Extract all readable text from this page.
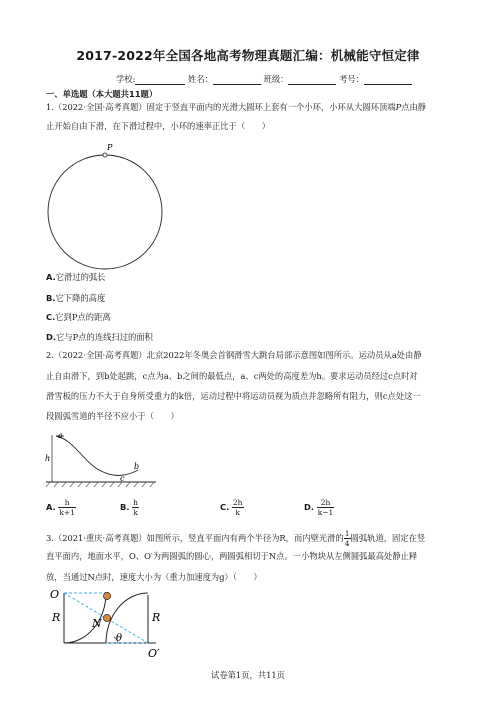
2017-2022年全国各地高考物理真题汇编：机械能守恒定律
学校:	姓名：	班级：	考号：
一、单选题（本大题共11题）
1.（2022·全国·高考真题）固定于竖直平面内的光滑大圆环上套有一个小环，小环从大圆环顶端P点由静
止开始自由下滑，在下滑过程中，小环的速率正比于（　　）
P
A.它滑过的弧长
B.它下降的高度
C.它到P点的距离
D.它与P点的连线扫过的面积
2.（2022·全国·高考真题）北京2022年冬奥会首钢滑雪大跳台局部示意图如图所示。运动员从a处由静
止自由滑下，到b处起跳，c点为a、b之间的最低点，a、c两处的高度差为h。要求运动员经过c点时对
滑雪板的压力不大于自身所受重力的k倍，运动过程中将运动员视为质点并忽略所有阻力，则c点处这一
段圆弧雪道的半径不应小于（　　）
a
h
b
c
A. $\frac{h}{k+1}$	B. $\frac{h}{k}$	C. $\frac{2h}{k}$	D. $\frac{2h}{k-1}$
3.（2021·重庆·高考真题）如图所示，竖直平面内有两个半径为R，而内壁光滑的 $\frac{1}{4}$ 圆弧轨道，固定在竖
直平面内，地面水平，O、O′为两圆弧的圆心，两圆弧相切于N点。一小物块从左侧圆弧最高处静止释
放，当通过N点时，速度大小为（重力加速度为g）（　　）
O
R	N
θ
R
O′
试卷第1页，共11页
